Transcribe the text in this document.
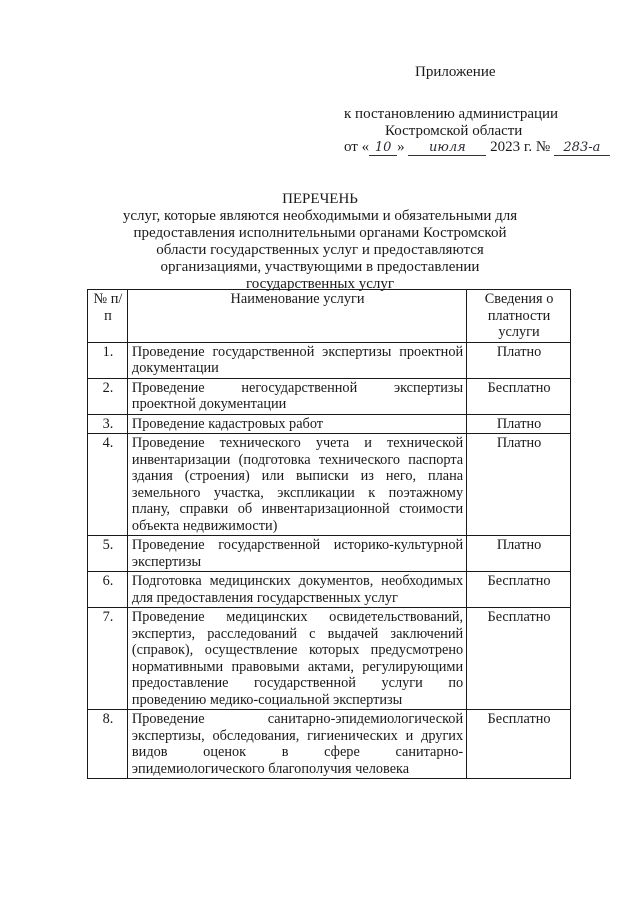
Приложение
к постановлению администрации
Костромской области
от « 10 » июля 2023 г. № 283-а
ПЕРЕЧЕНЬ
услуг, которые являются необходимыми и обязательными для предоставления исполнительными органами Костромской области государственных услуг и предоставляются организациями, участвующими в предоставлении государственных услуг
№ п/п	Наименование услуги	Сведения о платности услуги
1.	Проведение государственной экспертизы проектной документации	Платно
2.	Проведение негосударственной экспертизы проектной документации	Бесплатно
3.	Проведение кадастровых работ	Платно
4.	Проведение технического учета и технической инвентаризации (подготовка технического паспорта здания (строения) или выписки из него, плана земельного участка, экспликации к поэтажному плану, справки об инвентаризационной стоимости объекта недвижимости)	Платно
5.	Проведение государственной историко-культурной экспертизы	Платно
6.	Подготовка медицинских документов, необходимых для предоставления государственных услуг	Бесплатно
7.	Проведение медицинских освидетельствований, экспертиз, расследований с выдачей заключений (справок), осуществление которых предусмотрено нормативными правовыми актами, регулирующими предоставление государственной услуги по проведению медико-социальной экспертизы	Бесплатно
8.	Проведение санитарно-эпидемиологической экспертизы, обследования, гигиенических и других видов оценок в сфере санитарно-эпидемиологического благополучия человека	Бесплатно
